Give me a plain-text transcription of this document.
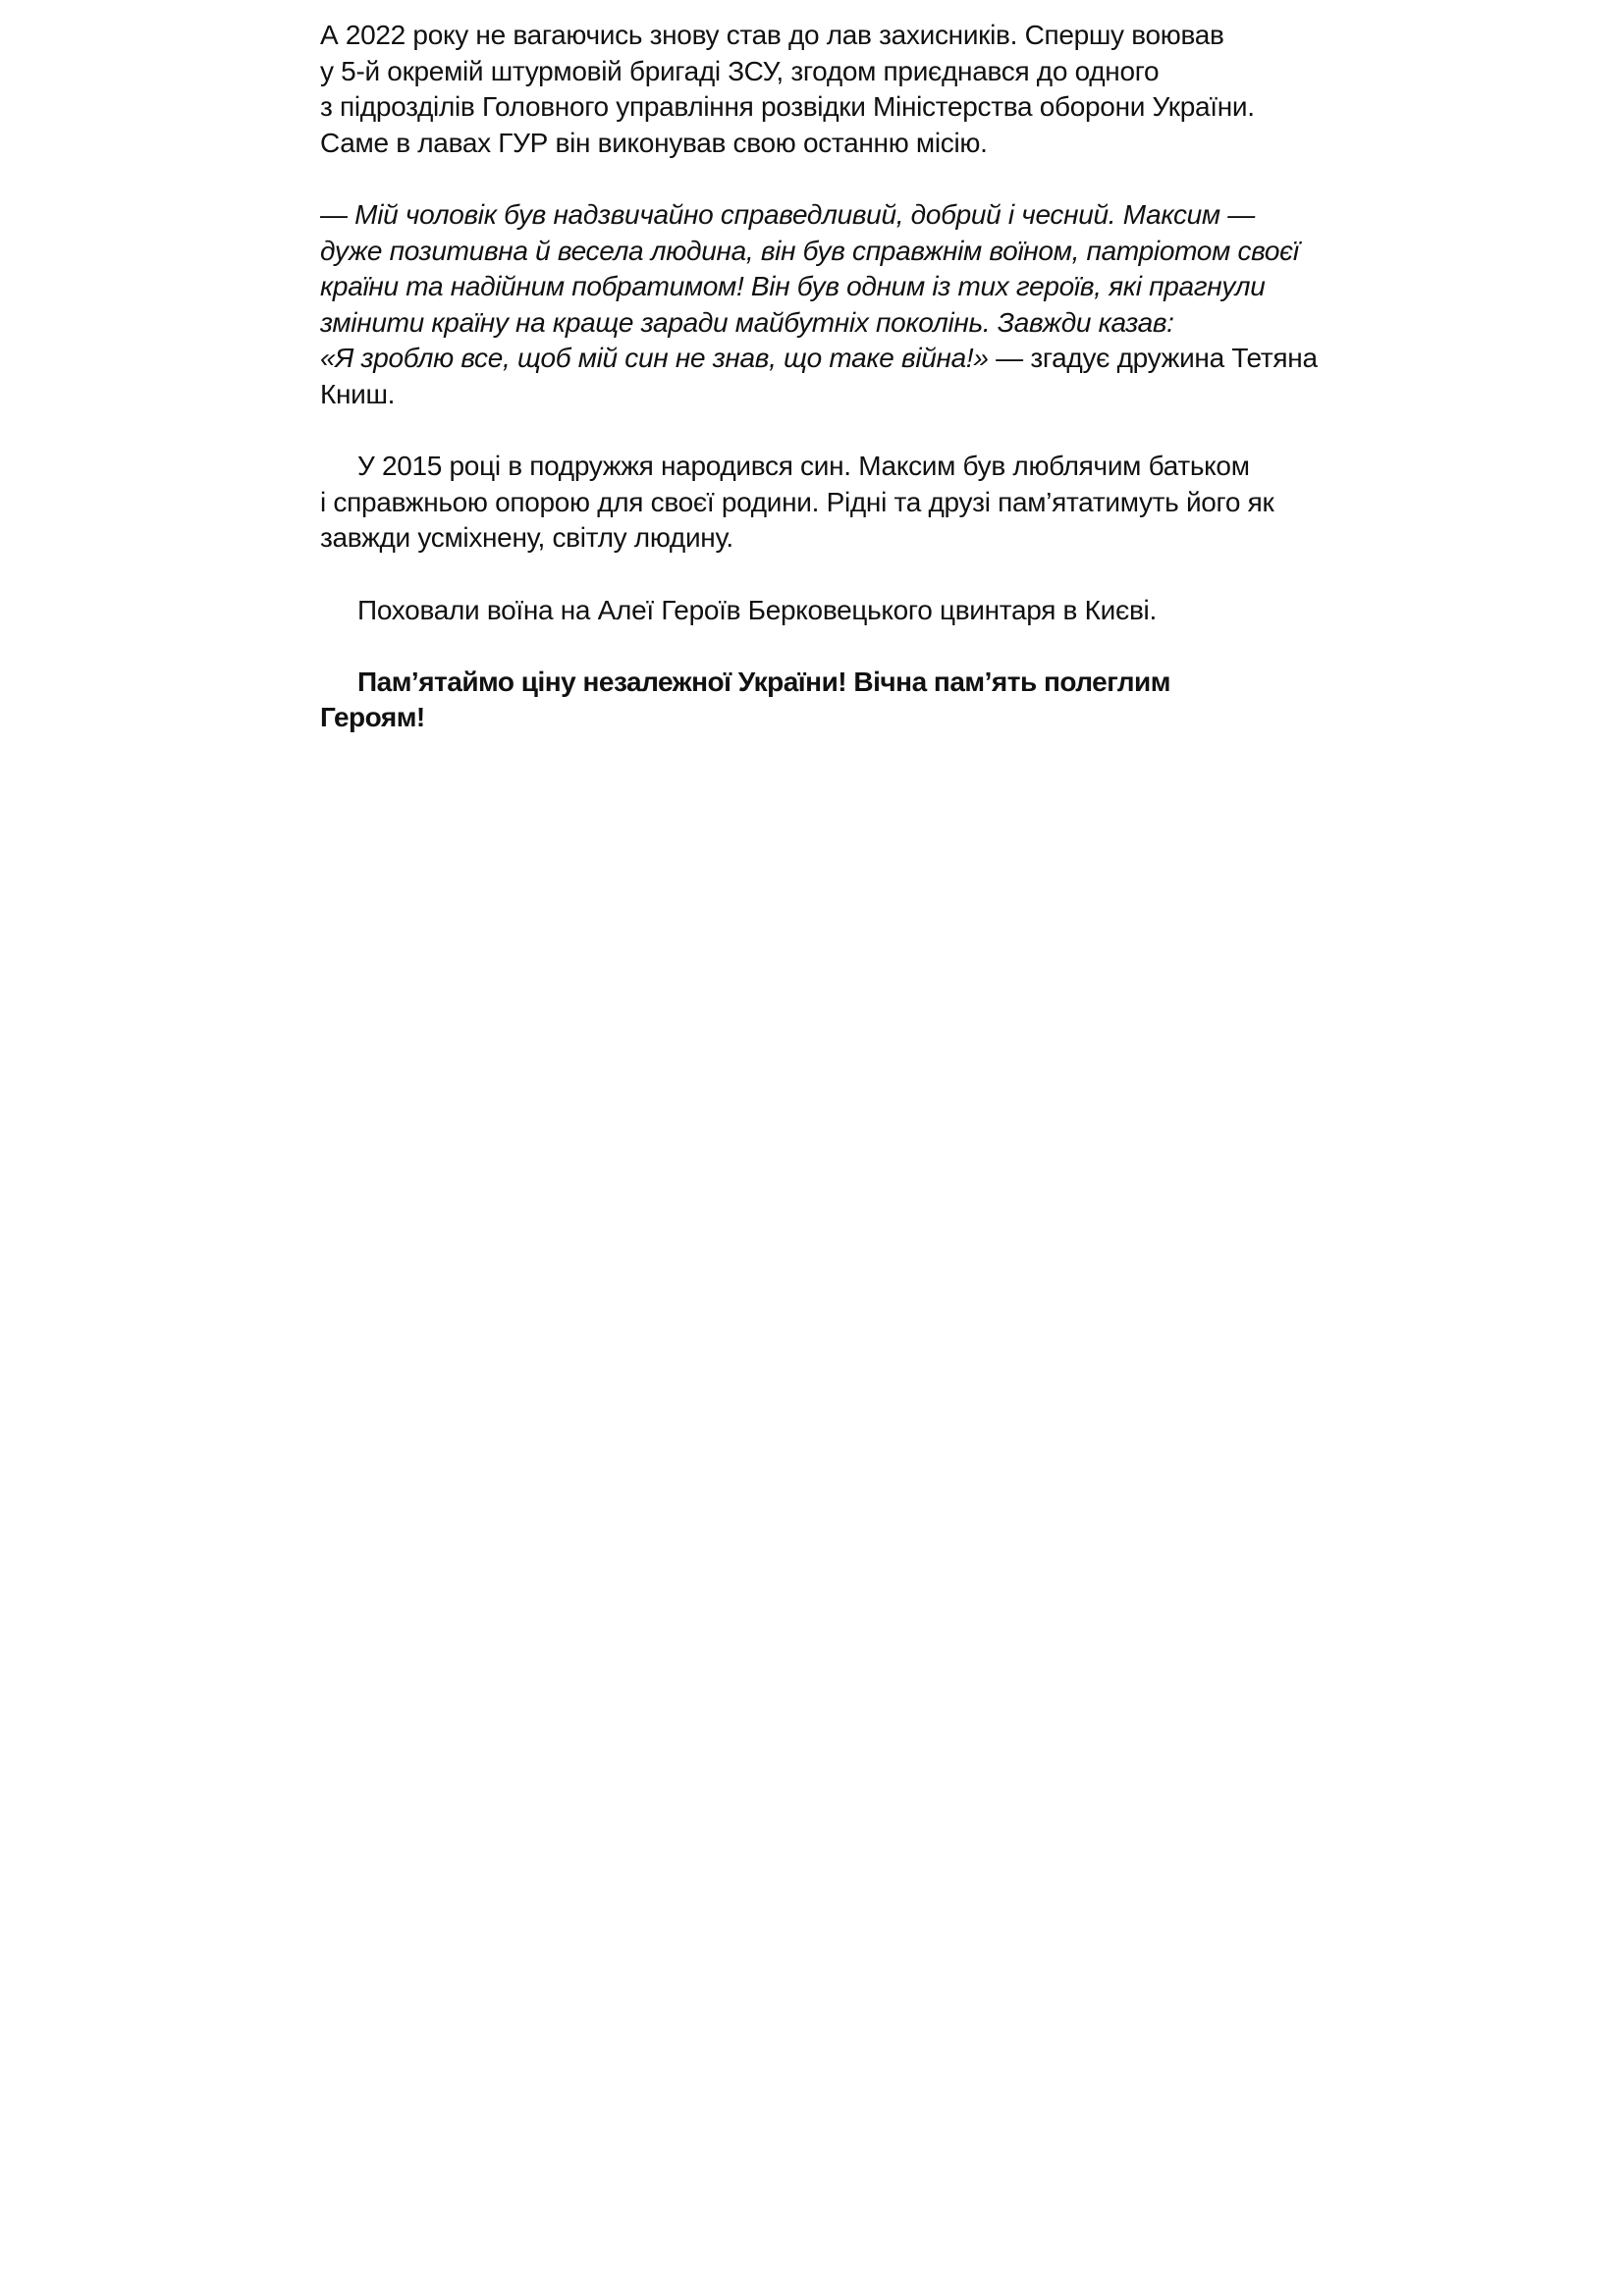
А 2022 року не вагаючись знову став до лав захисників. Спершу воював
у 5-й окремій штурмовій бригаді ЗСУ, згодом приєднався до одного
з підрозділів Головного управління розвідки Міністерства оборони України.
Саме в лавах ГУР він виконував свою останню місію.
— Мій чоловік був надзвичайно справедливий, добрий і чесний. Максим —
дуже позитивна й весела людина, він був справжнім воїном, патріотом своєї
країни та надійним побратимом! Він був одним із тих героїв, які прагнули
змінити країну на краще заради майбутніх поколінь. Завжди казав:
«Я зроблю все, щоб мій син не знав, що таке війна!» — згадує дружина Тетяна
Книш.
У 2015 році в подружжя народився син. Максим був люблячим батьком
і справжньою опорою для своєї родини. Рідні та друзі пам’ятатимуть його як
завжди усміхнену, світлу людину.
Поховали воїна на Алеї Героїв Берковецького цвинтаря в Києві.
Пам’ятаймо ціну незалежної України! Вічна пам’ять полеглим
Героям!
